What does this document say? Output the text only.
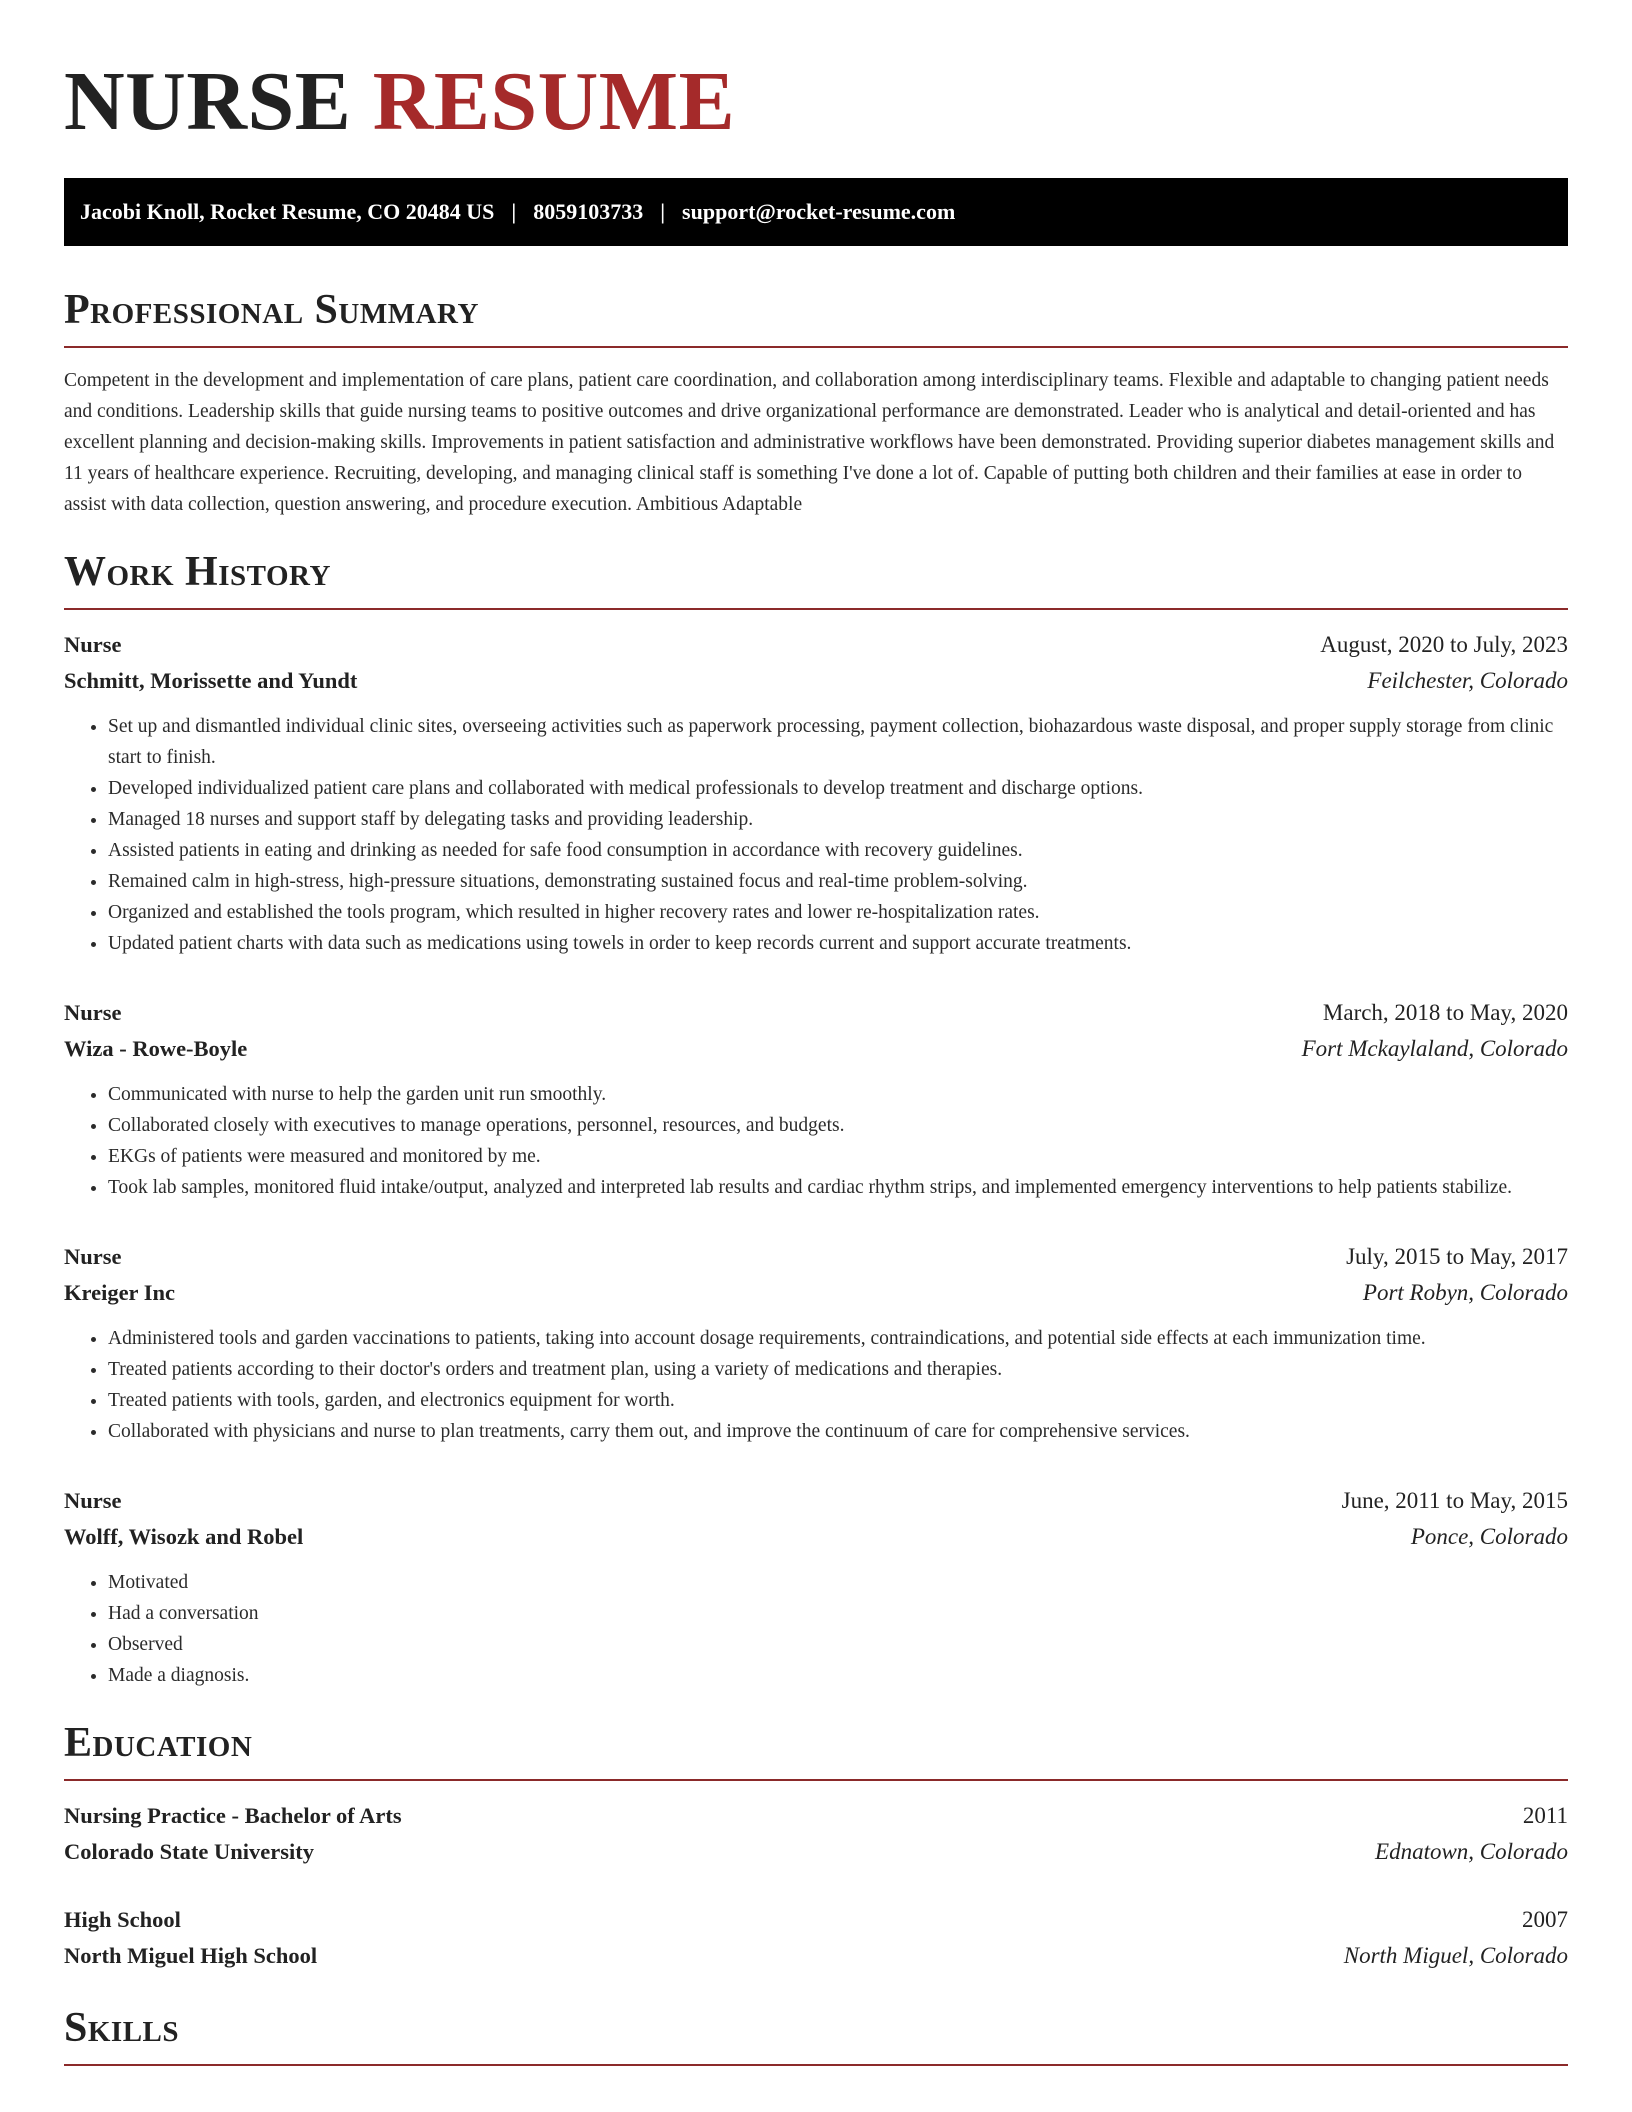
NURSE RESUME
Jacobi Knoll, Rocket Resume, CO 20484 US | 8059103733 | support@rocket-resume.com
Professional Summary

Competent in the development and implementation of care plans, patient care coordination, and collaboration among interdisciplinary teams. Flexible and adaptable to changing patient needs and conditions. Leadership skills that guide nursing teams to positive outcomes and drive organizational performance are demonstrated. Leader who is analytical and detail-oriented and has excellent planning and decision-making skills. Improvements in patient satisfaction and administrative workflows have been demonstrated. Providing superior diabetes management skills and 11 years of healthcare experience. Recruiting, developing, and managing clinical staff is something I've done a lot of. Capable of putting both children and their families at ease in order to assist with data collection, question answering, and procedure execution. Ambitious Adaptable

Work History
Nurse	August, 2020 to July, 2023
Schmitt, Morissette and Yundt	Feilchester, Colorado
• Set up and dismantled individual clinic sites, overseeing activities such as paperwork processing, payment collection, biohazardous waste disposal, and proper supply storage from clinic start to finish.
• Developed individualized patient care plans and collaborated with medical professionals to develop treatment and discharge options.
• Managed 18 nurses and support staff by delegating tasks and providing leadership.
• Assisted patients in eating and drinking as needed for safe food consumption in accordance with recovery guidelines.
• Remained calm in high-stress, high-pressure situations, demonstrating sustained focus and real-time problem-solving.
• Organized and established the tools program, which resulted in higher recovery rates and lower re-hospitalization rates.
• Updated patient charts with data such as medications using towels in order to keep records current and support accurate treatments.
Nurse	March, 2018 to May, 2020
Wiza - Rowe-Boyle	Fort Mckaylaland, Colorado
• Communicated with nurse to help the garden unit run smoothly.
• Collaborated closely with executives to manage operations, personnel, resources, and budgets.
• EKGs of patients were measured and monitored by me.
• Took lab samples, monitored fluid intake/output, analyzed and interpreted lab results and cardiac rhythm strips, and implemented emergency interventions to help patients stabilize.
Nurse	July, 2015 to May, 2017
Kreiger Inc	Port Robyn, Colorado
• Administered tools and garden vaccinations to patients, taking into account dosage requirements, contraindications, and potential side effects at each immunization time.
• Treated patients according to their doctor's orders and treatment plan, using a variety of medications and therapies.
• Treated patients with tools, garden, and electronics equipment for worth.
• Collaborated with physicians and nurse to plan treatments, carry them out, and improve the continuum of care for comprehensive services.
Nurse	June, 2011 to May, 2015
Wolff, Wisozk and Robel	Ponce, Colorado
• Motivated
• Had a conversation
• Observed
• Made a diagnosis.
Education
Nursing Practice - Bachelor of Arts	2011
Colorado State University	Ednatown, Colorado
High School	2007
North Miguel High School	North Miguel, Colorado
Skills
